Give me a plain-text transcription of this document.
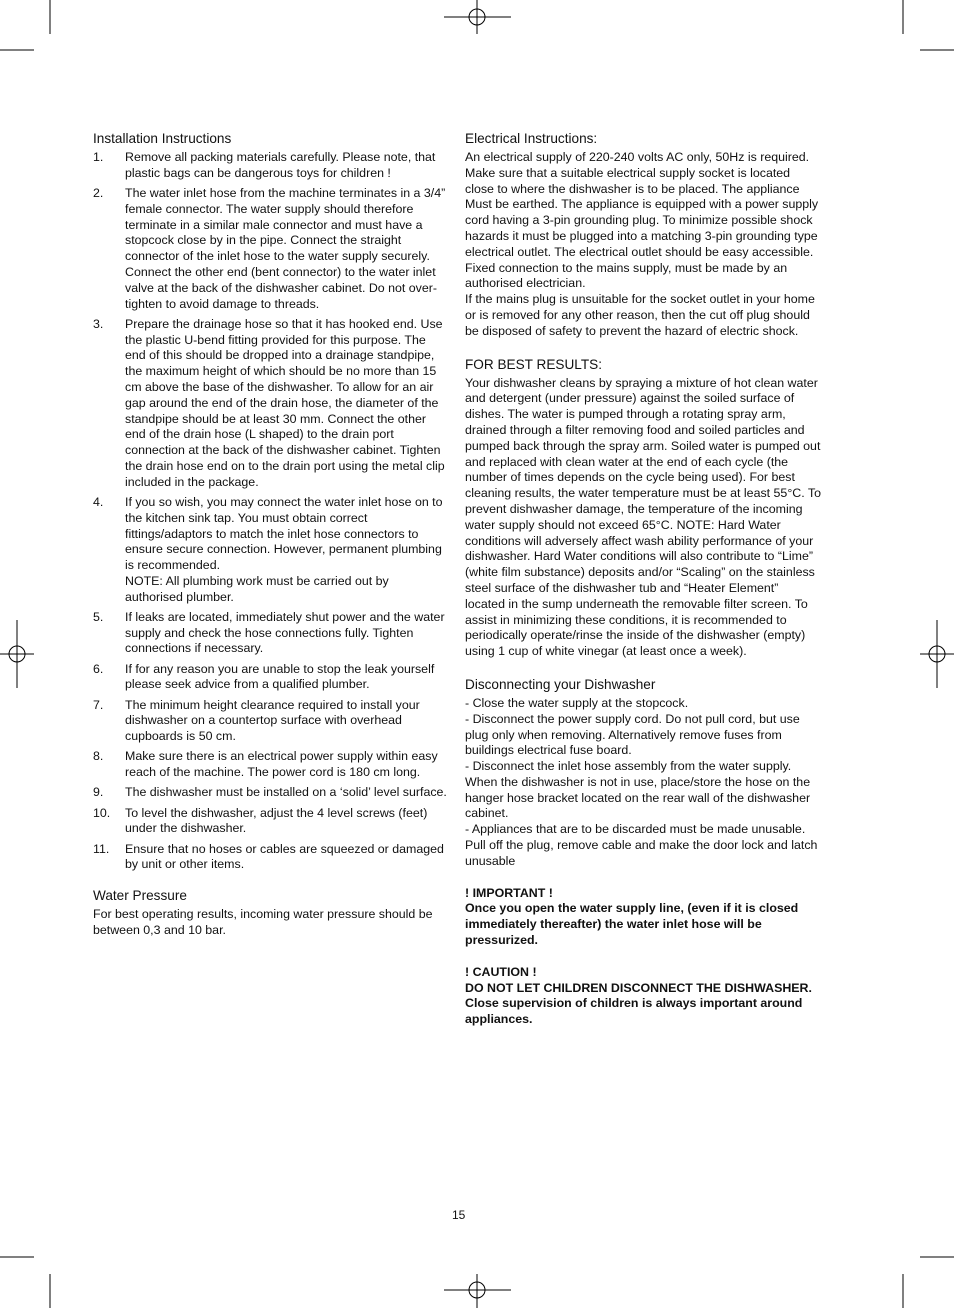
Installation Instructions
1. Remove all packing materials carefully. Please note, that plastic bags can be dangerous toys for children !
2. The water inlet hose from the machine terminates in a 3/4” female connector. The water supply should therefore terminate in a similar male connector and must have a stopcock close by in the pipe. Connect the straight connector of the inlet hose to the water supply securely. Connect the other end (bent connector) to the water inlet valve at the back of the dishwasher cabinet. Do not over-tighten to avoid damage to threads.
3. Prepare the drainage hose so that it has hooked end. Use the plastic U-bend fitting provided for this purpose. The end of this should be dropped into a drainage standpipe, the maximum height of which should be no more than 15 cm above the base of the dishwasher. To allow for an air gap around the end of the drain hose, the diameter of the standpipe should be at least 30 mm. Connect the other end of the drain hose (L shaped) to the drain port connection at the back of the dishwasher cabinet. Tighten the drain hose end on to the drain port using the metal clip included in the package.
4. If you so wish, you may connect the water inlet hose on to the kitchen sink tap. You must obtain correct fittings/adaptors to match the inlet hose connectors to ensure secure connection. However, permanent plumbing is recommended.
NOTE: All plumbing work must be carried out by authorised plumber.
5. If leaks are located, immediately shut power and the water supply and check the hose connections fully. Tighten connections if necessary.
6. If for any reason you are unable to stop the leak yourself please seek advice from a qualified plumber.
7. The minimum height clearance required to install your dishwasher on a countertop surface with overhead cupboards is 50 cm.
8. Make sure there is an electrical power supply within easy reach of the machine. The power cord is 180 cm long.
9. The dishwasher must be installed on a ‘solid’ level surface.
10. To level the dishwasher, adjust the 4 level screws (feet) under the dishwasher.
11. Ensure that no hoses or cables are squeezed or damaged by unit or other items.
Water Pressure

For best operating results, incoming water pressure should be between 0,3 and 10 bar.

Electrical Instructions:

An electrical supply of 220-240 volts AC only, 50Hz is required. Make sure that a suitable electrical supply socket is located close to where the dishwasher is to be placed. The appliance Must be earthed. The appliance is equipped with a power supply cord having a 3-pin grounding plug. To minimize possible shock hazards it must be plugged into a matching 3-pin grounding type electrical outlet. The electrical outlet should be easy accessible. Fixed connection to the mains supply, must be made by an authorised electrician.

If the mains plug is unsuitable for the socket outlet in your home or is removed for any other reason, then the cut off plug should be disposed of safety to prevent the hazard of electric shock.

FOR BEST RESULTS:

Your dishwasher cleans by spraying a mixture of hot clean water and detergent (under pressure) against the soiled surface of dishes. The water is pumped through a rotating spray arm, drained through a filter removing food and soiled particles and pumped back through the spray arm. Soiled water is pumped out and replaced with clean water at the end of each cycle (the number of times depends on the cycle being used). For best cleaning results, the water temperature must be at least 55°C. To prevent dishwasher damage, the temperature of the incoming water supply should not exceed 65°C. NOTE: Hard Water conditions will adversely affect wash ability performance of your dishwasher. Hard Water conditions will also contribute to “Lime” (white film substance) deposits and/or “Scaling” on the stainless steel surface of the dishwasher tub and “Heater Element” located in the sump underneath the removable filter screen. To assist in minimizing these conditions, it is recommended to periodically operate/rinse the inside of the dishwasher (empty) using 1 cup of white vinegar (at least once a week).

Disconnecting your Dishwasher

- Close the water supply at the stopcock.

- Disconnect the power supply cord. Do not pull cord, but use plug only when removing. Alternatively remove fuses from buildings electrical fuse board.

- Disconnect the inlet hose assembly from the water supply. When the dishwasher is not in use, place/store the hose on the hanger hose bracket located on the rear wall of the dishwasher cabinet.

- Appliances that are to be discarded must be made unusable. Pull off the plug, remove cable and make the door lock and latch unusable

! IMPORTANT !

Once you open the water supply line, (even if it is closed immediately thereafter) the water inlet hose will be pressurized.

! CAUTION !

DO NOT LET CHILDREN DISCONNECT THE DISHWASHER. Close supervision of children is always important around appliances.

15
